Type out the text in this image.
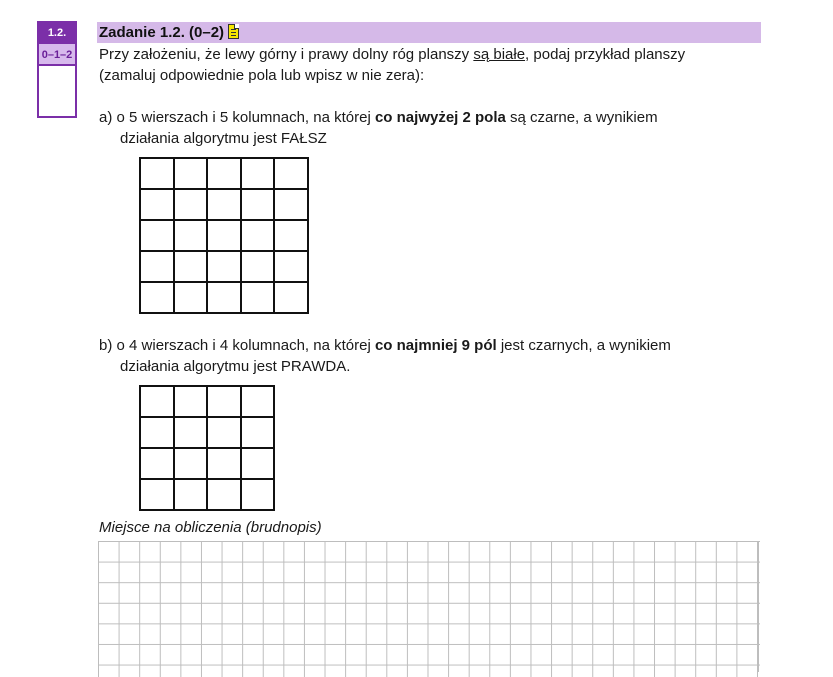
1.2.
0–1–2
Zadanie 1.2. (0–2)
Przy założeniu, że lewy górny i prawy dolny róg planszy są białe, podaj przykład planszy
(zamaluj odpowiednie pola lub wpisz w nie zera):
a) o 5 wierszach i 5 kolumnach, na której co najwyżej 2 pola są czarne, a wynikiem
działania algorytmu jest FAŁSZ

b) o 4 wierszach i 4 kolumnach, na której co najmniej 9 pól jest czarnych, a wynikiem
działania algorytmu jest PRAWDA.

Miejsce na obliczenia (brudnopis)
